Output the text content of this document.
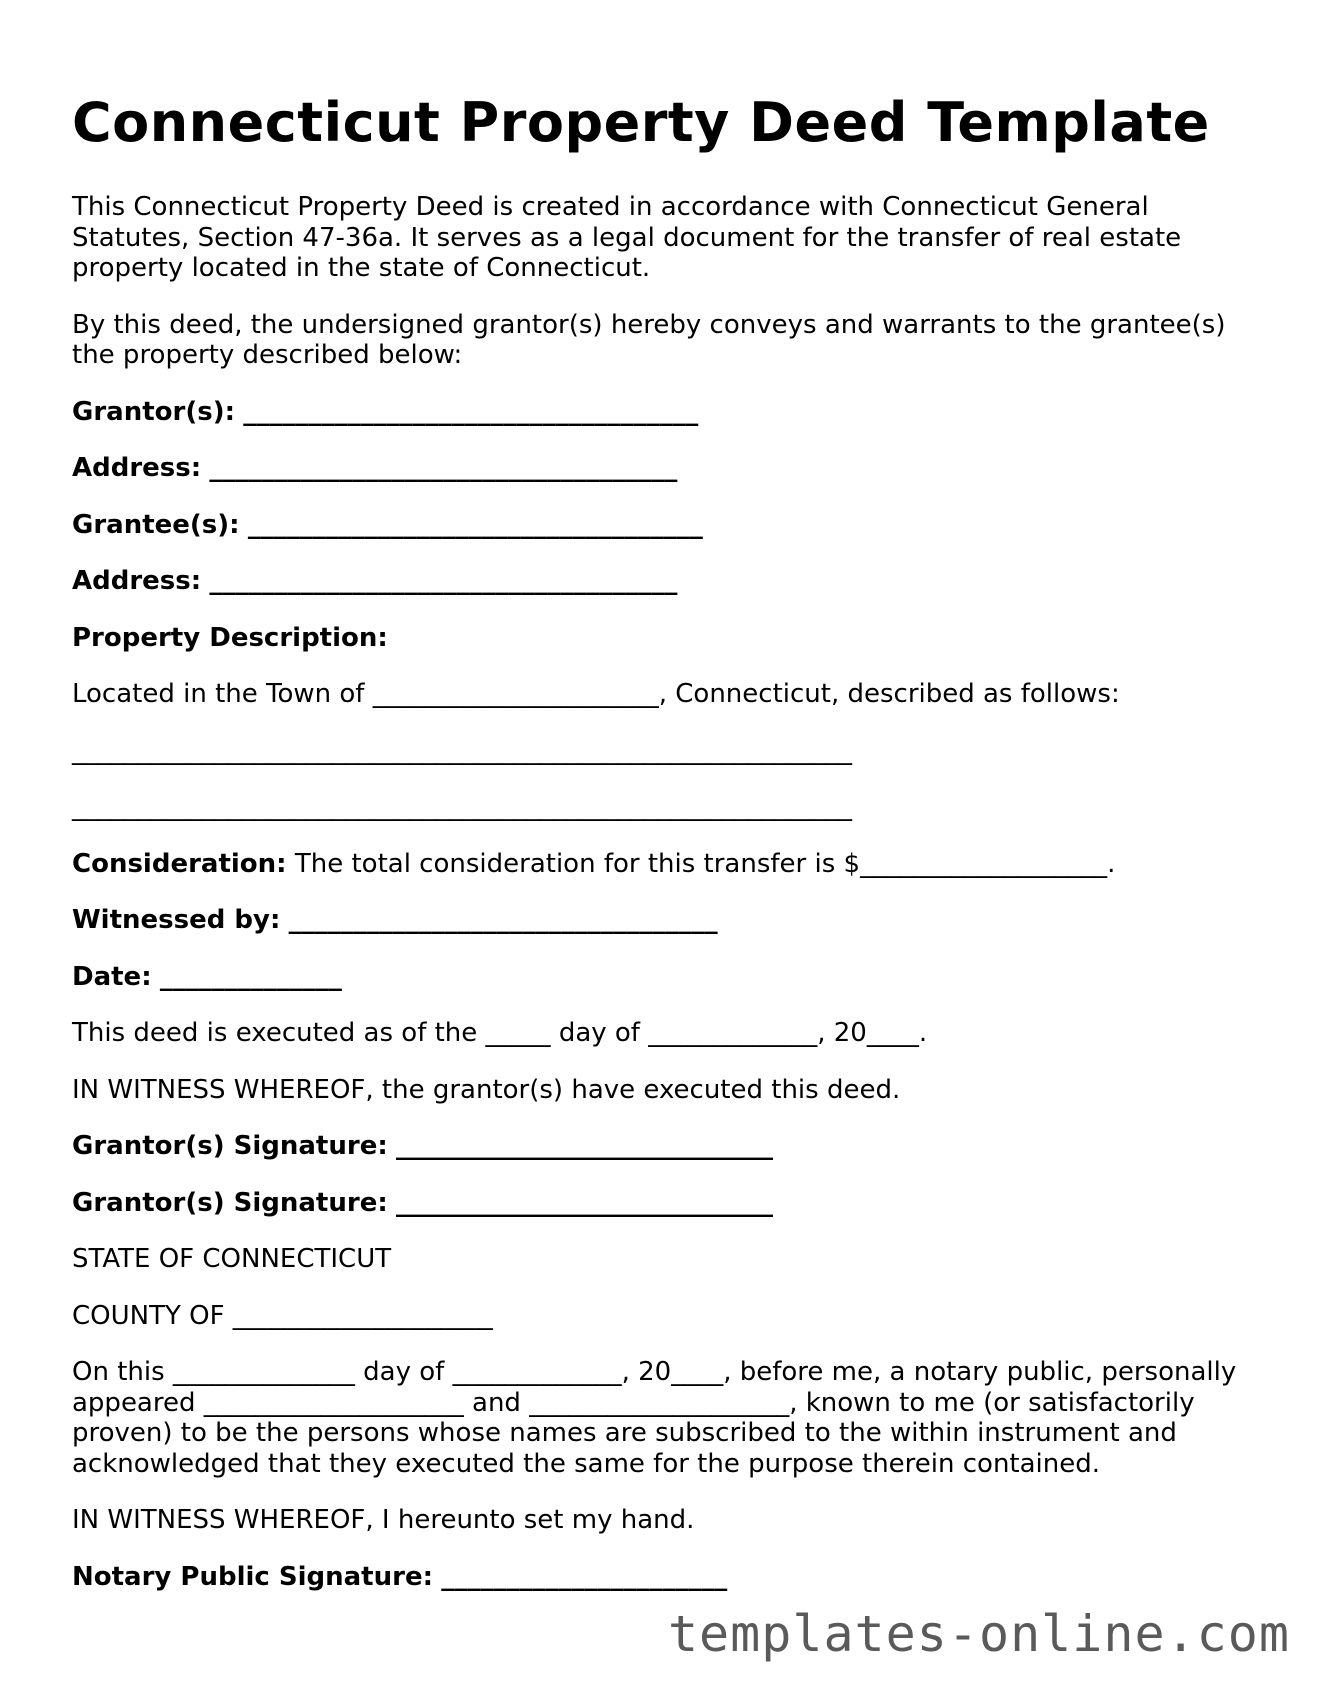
Connecticut Property Deed Template

This Connecticut Property Deed is created in accordance with Connecticut General Statutes, Section 47-36a. It serves as a legal document for the transfer of real estate property located in the state of Connecticut.

By this deed, the undersigned grantor(s) hereby conveys and warrants to the grantee(s) the property described below:

Grantor(s): ___________________________________

Address: ____________________________________

Grantee(s): ___________________________________

Address: ____________________________________

Property Description:

Located in the Town of ______________________, Connecticut, described as follows:

____________________________________________________________

____________________________________________________________

Consideration: The total consideration for this transfer is $___________________.

Witnessed by: _________________________________

Date: ______________

This deed is executed as of the _____ day of _____________, 20____.

IN WITNESS WHEREOF, the grantor(s) have executed this deed.

Grantor(s) Signature: _____________________________

Grantor(s) Signature: _____________________________

STATE OF CONNECTICUT

COUNTY OF ____________________

On this ______________ day of _____________, 20____, before me, a notary public, personally appeared ____________________ and ____________________, known to me (or satisfactorily proven) to be the persons whose names are subscribed to the within instrument and acknowledged that they executed the same for the purpose therein contained.

IN WITNESS WHEREOF, I hereunto set my hand.

Notary Public Signature: ______________________

templates-online.com
